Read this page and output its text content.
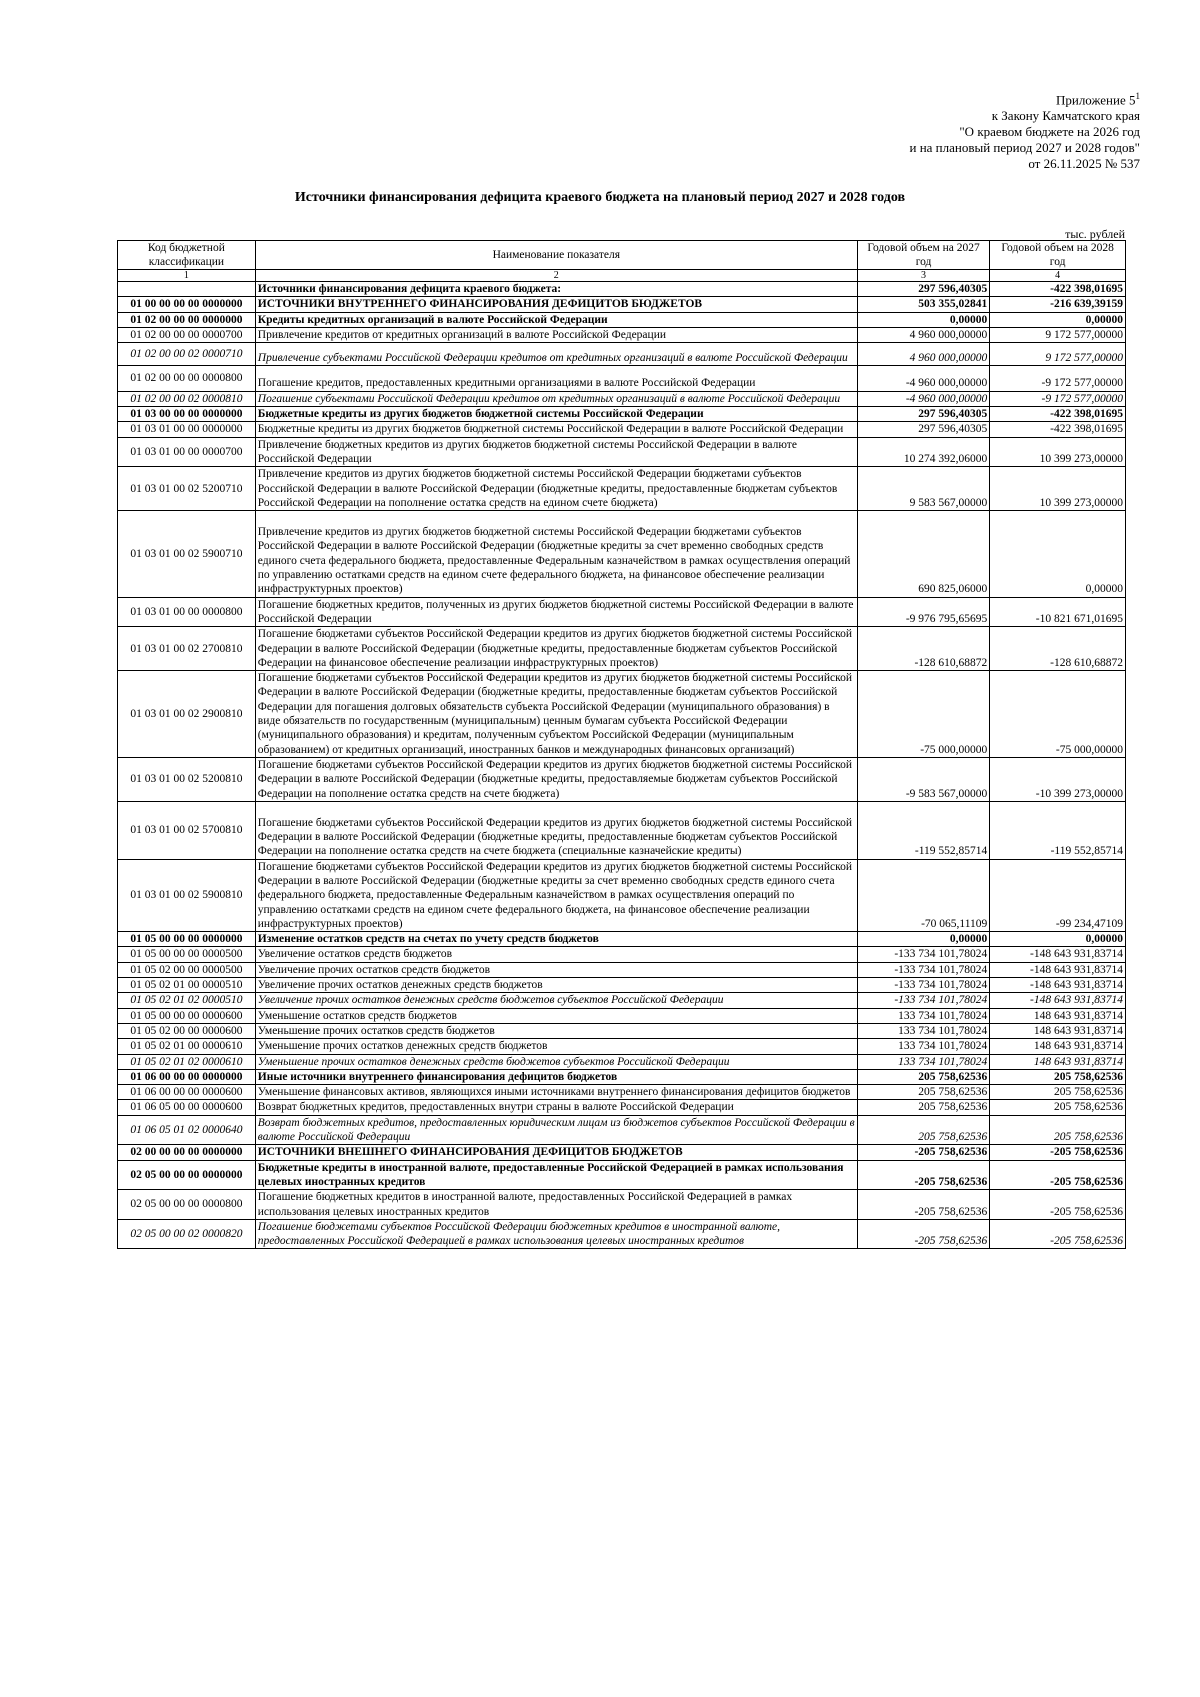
Приложение $5^1$
к Закону Камчатского края
"О краевом бюджете на 2026 год
и на плановый период 2027 и 2028 годов"
от 26.11.2025 № 537
Источники финансирования дефицита краевого бюджета на плановый период 2027 и 2028 годов
тыс. рублей
Код бюджетной классификации	Наименование показателя	Годовой объем на 2027 год	Годовой объем на 2028 год
1	2	3	4
	Источники финансирования дефицита краевого бюджета:	297 596,40305	-422 398,01695
01 00 00 00 00 0000000	ИСТОЧНИКИ ВНУТРЕННЕГО ФИНАНСИРОВАНИЯ ДЕФИЦИТОВ БЮДЖЕТОВ	503 355,02841	-216 639,39159
01 02 00 00 00 0000000	Кредиты кредитных организаций в валюте Российской Федерации	0,00000	0,00000
01 02 00 00 00 0000700	Привлечение кредитов от кредитных организаций в валюте Российской Федерации	4 960 000,00000	9 172 577,00000
01 02 00 00 02 0000710	Привлечение субъектами Российской Федерации кредитов от кредитных организаций в валюте Российской Федерации	4 960 000,00000	9 172 577,00000
01 02 00 00 00 0000800	Погашение кредитов, предоставленных кредитными организациями в валюте Российской Федерации	-4 960 000,00000	-9 172 577,00000
01 02 00 00 02 0000810	Погашение субъектами Российской Федерации кредитов от кредитных организаций в валюте Российской Федерации	-4 960 000,00000	-9 172 577,00000
01 03 00 00 00 0000000	Бюджетные кредиты из других бюджетов бюджетной системы Российской Федерации	297 596,40305	-422 398,01695
01 03 01 00 00 0000000	Бюджетные кредиты из других бюджетов бюджетной системы Российской Федерации в валюте Российской Федерации	297 596,40305	-422 398,01695
01 03 01 00 00 0000700	Привлечение бюджетных кредитов из других бюджетов бюджетной системы Российской Федерации в валюте Российской Федерации	10 274 392,06000	10 399 273,00000
01 03 01 00 02 5200710	Привлечение кредитов из других бюджетов бюджетной системы Российской Федерации бюджетами субъектов Российской Федерации в валюте Российской Федерации (бюджетные кредиты, предоставленные бюджетам субъектов Российской Федерации на пополнение остатка средств на едином счете бюджета)	9 583 567,00000	10 399 273,00000
01 03 01 00 02 5900710	Привлечение кредитов из других бюджетов бюджетной системы Российской Федерации бюджетами субъектов Российской Федерации в валюте Российской Федерации (бюджетные кредиты за счет временно свободных средств единого счета федерального бюджета, предоставленные Федеральным казначейством в рамках осуществления операций по управлению остатками средств на едином счете федерального бюджета, на финансовое обеспечение реализации инфраструктурных проектов)	690 825,06000	0,00000
01 03 01 00 00 0000800	Погашение бюджетных кредитов, полученных из других бюджетов бюджетной системы Российской Федерации в валюте Российской Федерации	-9 976 795,65695	-10 821 671,01695
01 03 01 00 02 2700810	Погашение бюджетами субъектов Российской Федерации кредитов из других бюджетов бюджетной системы Российской Федерации в валюте Российской Федерации (бюджетные кредиты, предоставленные бюджетам субъектов Российской Федерации на финансовое обеспечение реализации инфраструктурных проектов)	-128 610,68872	-128 610,68872
01 03 01 00 02 2900810	Погашение бюджетами субъектов Российской Федерации кредитов из других бюджетов бюджетной системы Российской Федерации в валюте Российской Федерации (бюджетные кредиты, предоставленные бюджетам субъектов Российской Федерации для погашения долговых обязательств субъекта Российской Федерации (муниципального образования) в виде обязательств по государственным (муниципальным) ценным бумагам субъекта Российской Федерации (муниципального образования) и кредитам, полученным субъектом Российской Федерации (муниципальным образованием) от кредитных организаций, иностранных банков и международных финансовых организаций)	-75 000,00000	-75 000,00000
01 03 01 00 02 5200810	Погашение бюджетами субъектов Российской Федерации кредитов из других бюджетов бюджетной системы Российской Федерации в валюте Российской Федерации (бюджетные кредиты, предоставляемые бюджетам субъектов Российской Федерации на пополнение остатка средств на счете бюджета)	-9 583 567,00000	-10 399 273,00000
01 03 01 00 02 5700810	Погашение бюджетами субъектов Российской Федерации кредитов из других бюджетов бюджетной системы Российской Федерации в валюте Российской Федерации (бюджетные кредиты, предоставленные бюджетам субъектов Российской Федерации на пополнение остатка средств на счете бюджета (специальные казначейские кредиты)	-119 552,85714	-119 552,85714
01 03 01 00 02 5900810	Погашение бюджетами субъектов Российской Федерации кредитов из других бюджетов бюджетной системы Российской Федерации в валюте Российской Федерации (бюджетные кредиты за счет временно свободных средств единого счета федерального бюджета, предоставленные Федеральным казначейством в рамках осуществления операций по управлению остатками средств на едином счете федерального бюджета, на финансовое обеспечение реализации инфраструктурных проектов)	-70 065,11109	-99 234,47109
01 05 00 00 00 0000000	Изменение остатков средств на счетах по учету средств бюджетов	0,00000	0,00000
01 05 00 00 00 0000500	Увеличение остатков средств бюджетов	-133 734 101,78024	-148 643 931,83714
01 05 02 00 00 0000500	Увеличение прочих остатков средств бюджетов	-133 734 101,78024	-148 643 931,83714
01 05 02 01 00 0000510	Увеличение прочих остатков денежных средств бюджетов	-133 734 101,78024	-148 643 931,83714
01 05 02 01 02 0000510	Увеличение прочих остатков денежных средств бюджетов субъектов Российской Федерации	-133 734 101,78024	-148 643 931,83714
01 05 00 00 00 0000600	Уменьшение остатков средств бюджетов	133 734 101,78024	148 643 931,83714
01 05 02 00 00 0000600	Уменьшение прочих остатков средств бюджетов	133 734 101,78024	148 643 931,83714
01 05 02 01 00 0000610	Уменьшение прочих остатков денежных средств бюджетов	133 734 101,78024	148 643 931,83714
01 05 02 01 02 0000610	Уменьшение прочих остатков денежных средств бюджетов субъектов Российской Федерации	133 734 101,78024	148 643 931,83714
01 06 00 00 00 0000000	Иные источники внутреннего финансирования дефицитов бюджетов	205 758,62536	205 758,62536
01 06 00 00 00 0000600	Уменьшение финансовых активов, являющихся иными источниками внутреннего финансирования дефицитов бюджетов	205 758,62536	205 758,62536
01 06 05 00 00 0000600	Возврат бюджетных кредитов, предоставленных внутри страны в валюте Российской Федерации	205 758,62536	205 758,62536
01 06 05 01 02 0000640	Возврат бюджетных кредитов, предоставленных юридическим лицам из бюджетов субъектов Российской Федерации в валюте Российской Федерации	205 758,62536	205 758,62536
02 00 00 00 00 0000000	ИСТОЧНИКИ ВНЕШНЕГО ФИНАНСИРОВАНИЯ ДЕФИЦИТОВ БЮДЖЕТОВ	-205 758,62536	-205 758,62536
02 05 00 00 00 0000000	Бюджетные кредиты в иностранной валюте, предоставленные Российской Федерацией в рамках использования целевых иностранных кредитов	-205 758,62536	-205 758,62536
02 05 00 00 00 0000800	Погашение бюджетных кредитов в иностранной валюте, предоставленных Российской Федерацией в рамках использования целевых иностранных кредитов	-205 758,62536	-205 758,62536
02 05 00 00 02 0000820	Погашение бюджетами субъектов Российской Федерации бюджетных кредитов в иностранной валюте, предоставленных Российской Федерацией в рамках использования целевых иностранных кредитов	-205 758,62536	-205 758,62536
